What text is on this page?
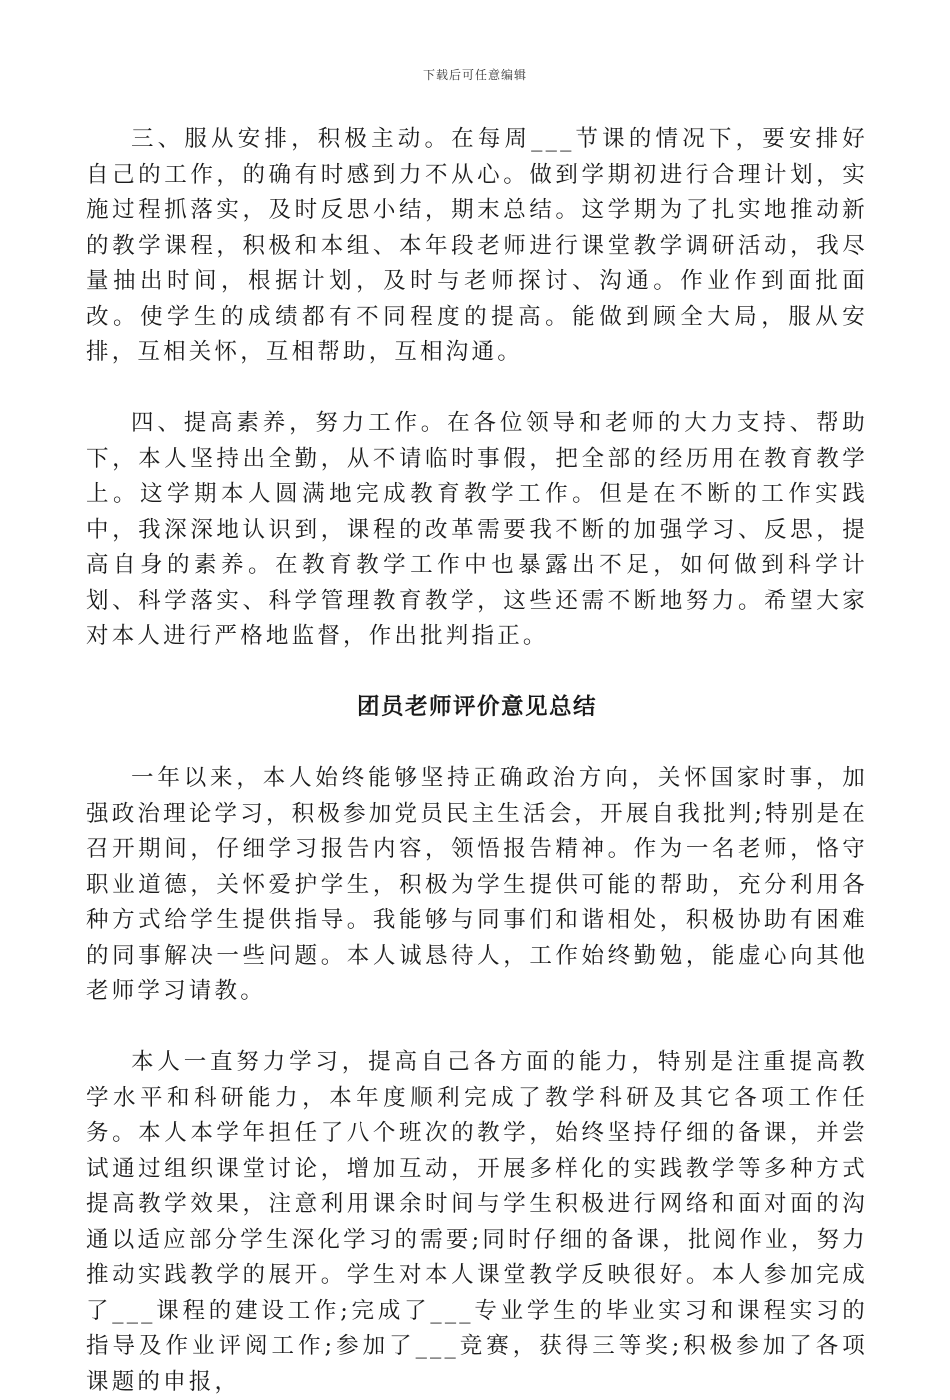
下载后可任意编辑

三、服从安排，积极主动。在每周___节课的情况下，要安排好自己的工作，的确有时感到力不从心。做到学期初进行合理计划，实施过程抓落实，及时反思小结，期末总结。这学期为了扎实地推动新的教学课程，积极和本组、本年段老师进行课堂教学调研活动，我尽量抽出时间，根据计划，及时与老师探讨、沟通。作业作到面批面改。使学生的成绩都有不同程度的提高。能做到顾全大局，服从安排，互相关怀，互相帮助，互相沟通。

四、提高素养，努力工作。在各位领导和老师的大力支持、帮助下，本人坚持出全勤，从不请临时事假，把全部的经历用在教育教学上。这学期本人圆满地完成教育教学工作。但是在不断的工作实践中，我深深地认识到，课程的改革需要我不断的加强学习、反思，提高自身的素养。在教育教学工作中也暴露出不足，如何做到科学计划、科学落实、科学管理教育教学，这些还需不断地努力。希望大家对本人进行严格地监督，作出批判指正。

团员老师评价意见总结

一年以来，本人始终能够坚持正确政治方向，关怀国家时事，加强政治理论学习，积极参加党员民主生活会，开展自我批判;特别是在召开期间，仔细学习报告内容，领悟报告精神。作为一名老师，恪守职业道德，关怀爱护学生，积极为学生提供可能的帮助，充分利用各种方式给学生提供指导。我能够与同事们和谐相处，积极协助有困难的同事解决一些问题。本人诚恳待人，工作始终勤勉，能虚心向其他老师学习请教。

本人一直努力学习，提高自己各方面的能力，特别是注重提高教学水平和科研能力，本年度顺利完成了教学科研及其它各项工作任务。本人本学年担任了八个班次的教学，始终坚持仔细的备课，并尝试通过组织课堂讨论，增加互动，开展多样化的实践教学等多种方式提高教学效果，注意利用课余时间与学生积极进行网络和面对面的沟通以适应部分学生深化学习的需要;同时仔细的备课，批阅作业，努力推动实践教学的展开。学生对本人课堂教学反映很好。本人参加完成了___课程的建设工作;完成了___专业学生的毕业实习和课程实习的指导及作业评阅工作;参加了___竞赛，获得三等奖;积极参加了各项课题的申报，
